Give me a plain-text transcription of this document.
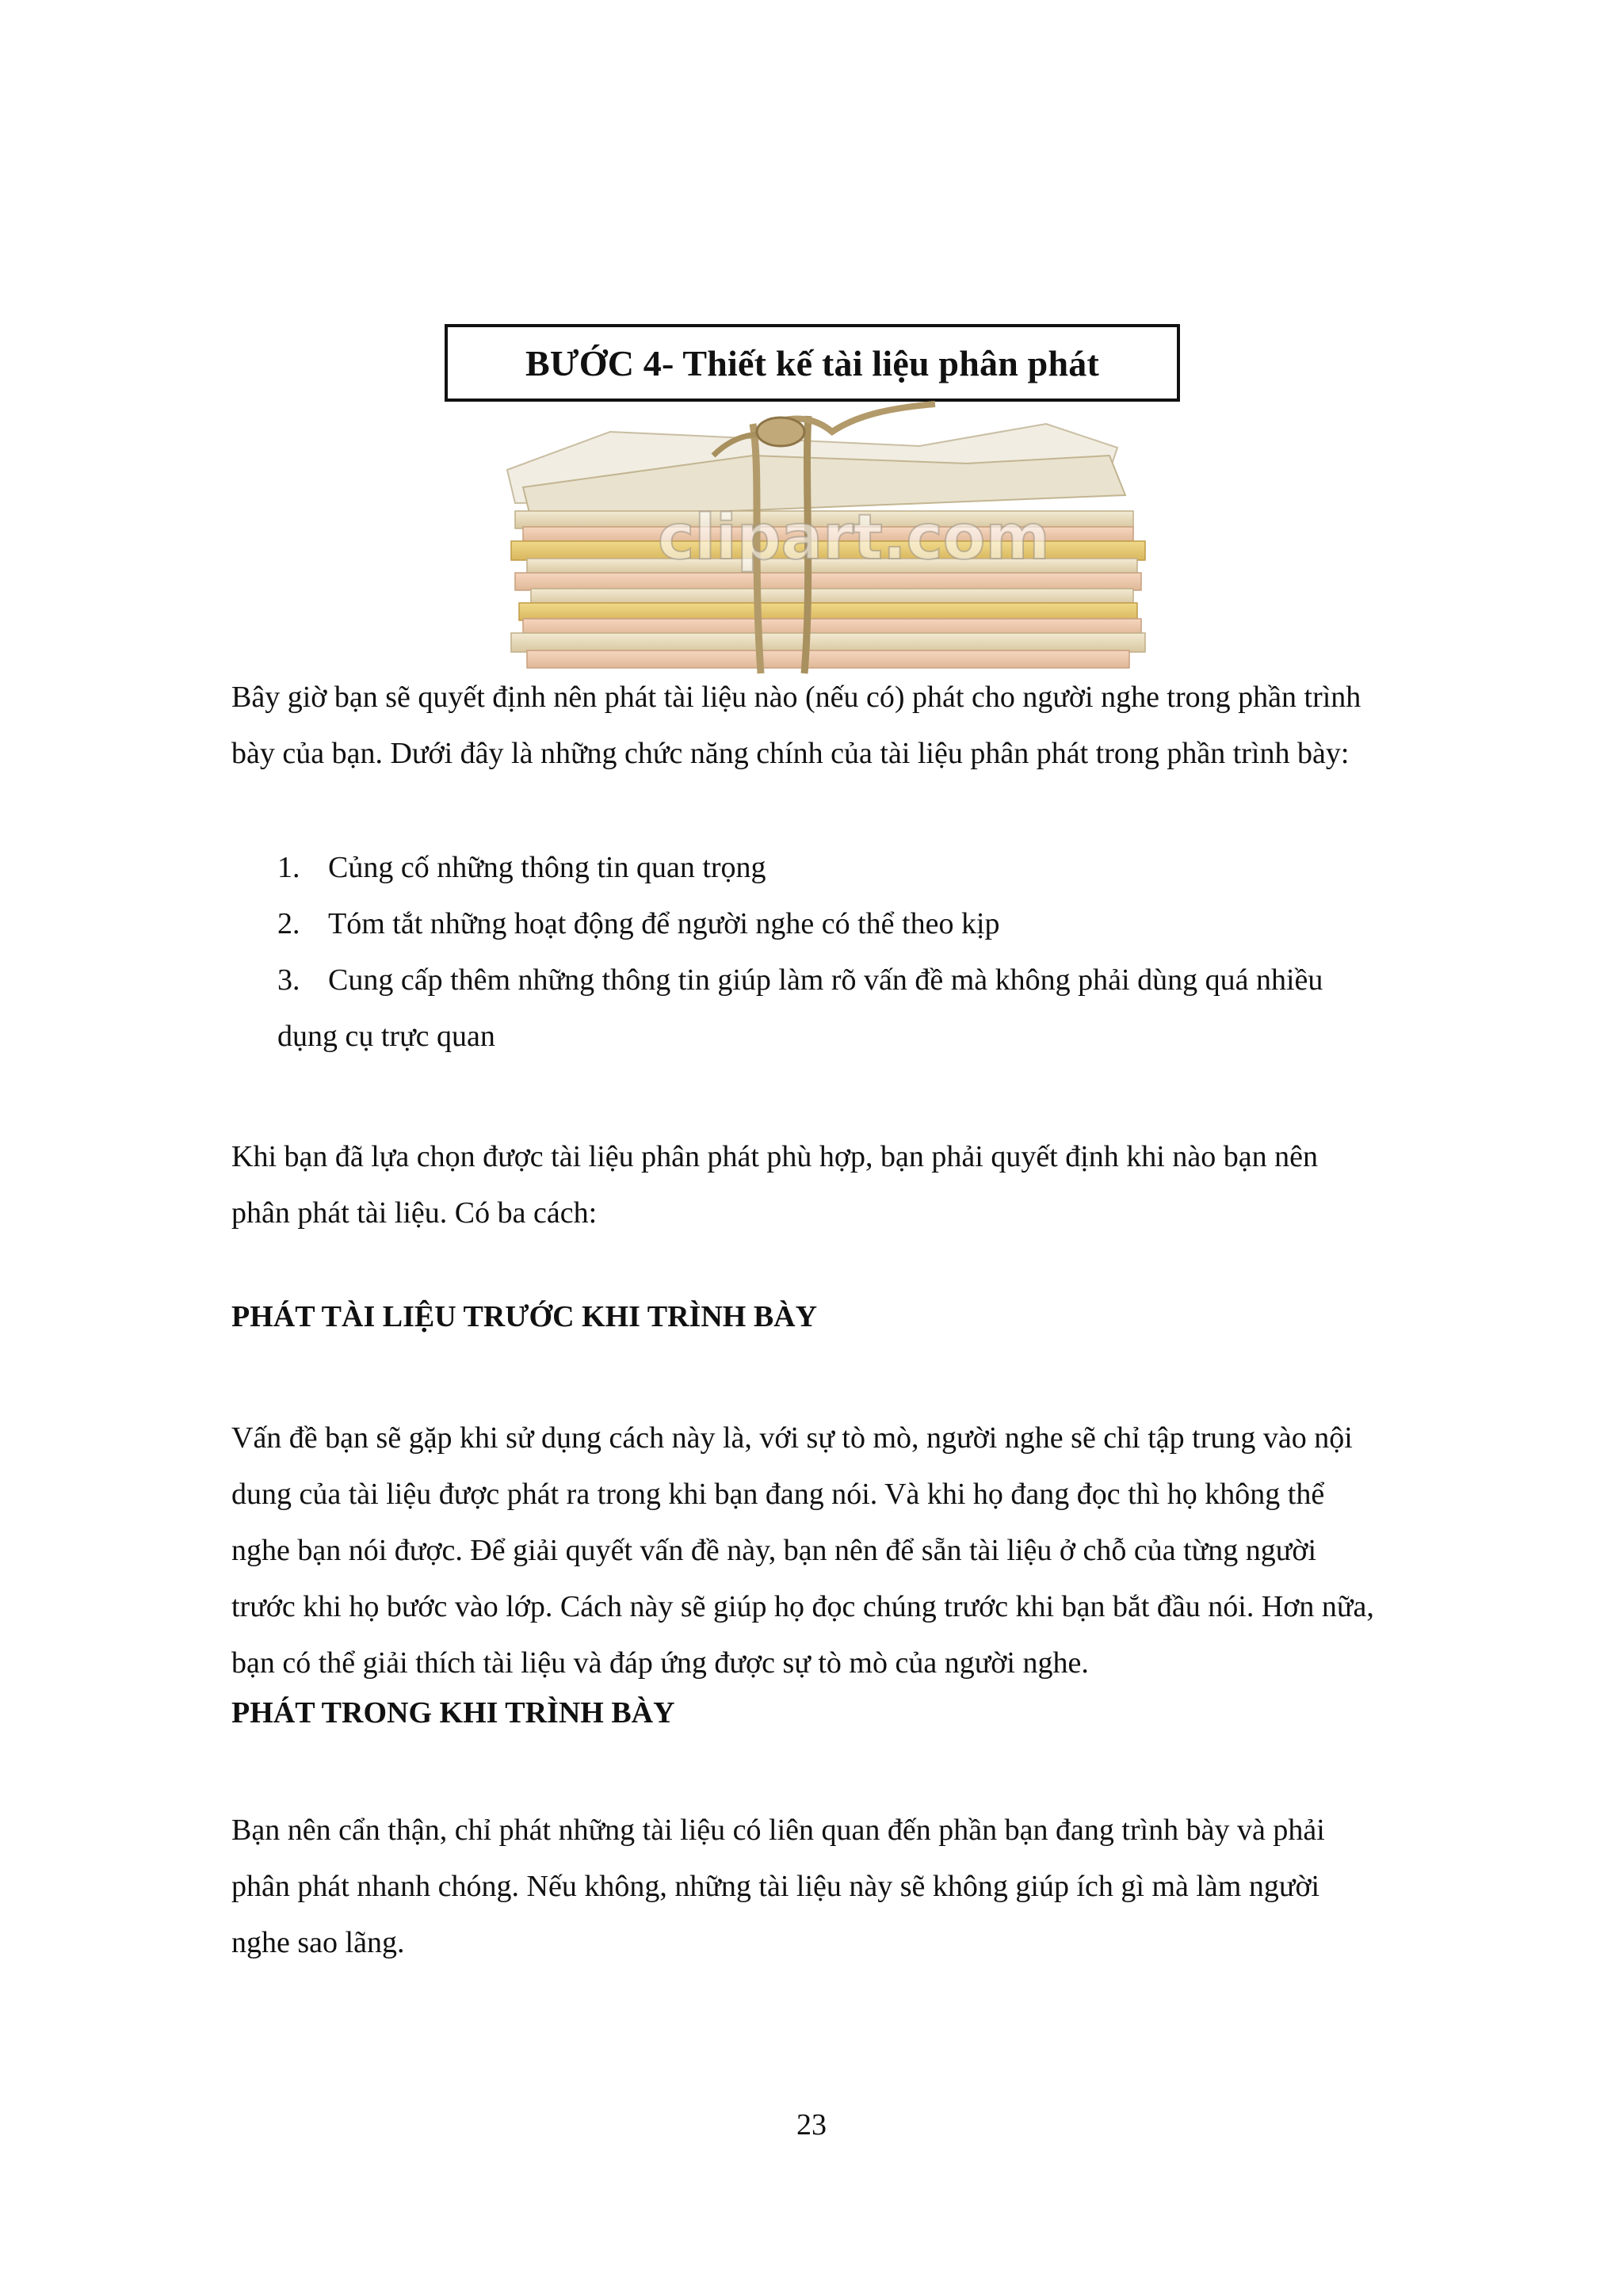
BƯỚC 4- Thiết kế tài liệu phân phát
clipart.com
Bây giờ bạn sẽ quyết định nên phát tài liệu nào (nếu có) phát cho người nghe trong phần trình
bày của bạn. Dưới đây là những chức năng chính của tài liệu phân phát trong phần trình bày:
1. Củng cố những thông tin quan trọng
2. Tóm tắt những hoạt động để người nghe có thể theo kịp
3. Cung cấp thêm những thông tin giúp làm rõ vấn đề mà không phải dùng quá nhiều
dụng cụ trực quan
Khi bạn đã lựa chọn được tài liệu phân phát phù hợp, bạn phải quyết định khi nào bạn nên
phân phát tài liệu. Có ba cách:
PHÁT TÀI LIỆU TRƯỚC KHI TRÌNH BÀY
Vấn đề bạn sẽ gặp khi sử dụng cách này là, với sự tò mò, người nghe sẽ chỉ tập trung vào nội
dung của tài liệu được phát ra trong khi bạn đang nói. Và khi họ đang đọc thì họ không thể
nghe bạn nói được. Để giải quyết vấn đề này, bạn nên để sẵn tài liệu ở chỗ của từng người
trước khi họ bước vào lớp. Cách này sẽ giúp họ đọc chúng trước khi bạn bắt đầu nói. Hơn nữa,
bạn có thể giải thích tài liệu và đáp ứng được sự tò mò của người nghe.
PHÁT TRONG KHI TRÌNH BÀY
Bạn nên cẩn thận, chỉ phát những tài liệu có liên quan đến phần bạn đang trình bày và phải
phân phát nhanh chóng. Nếu không, những tài liệu này sẽ không giúp ích gì mà làm người
nghe sao lãng.
23
